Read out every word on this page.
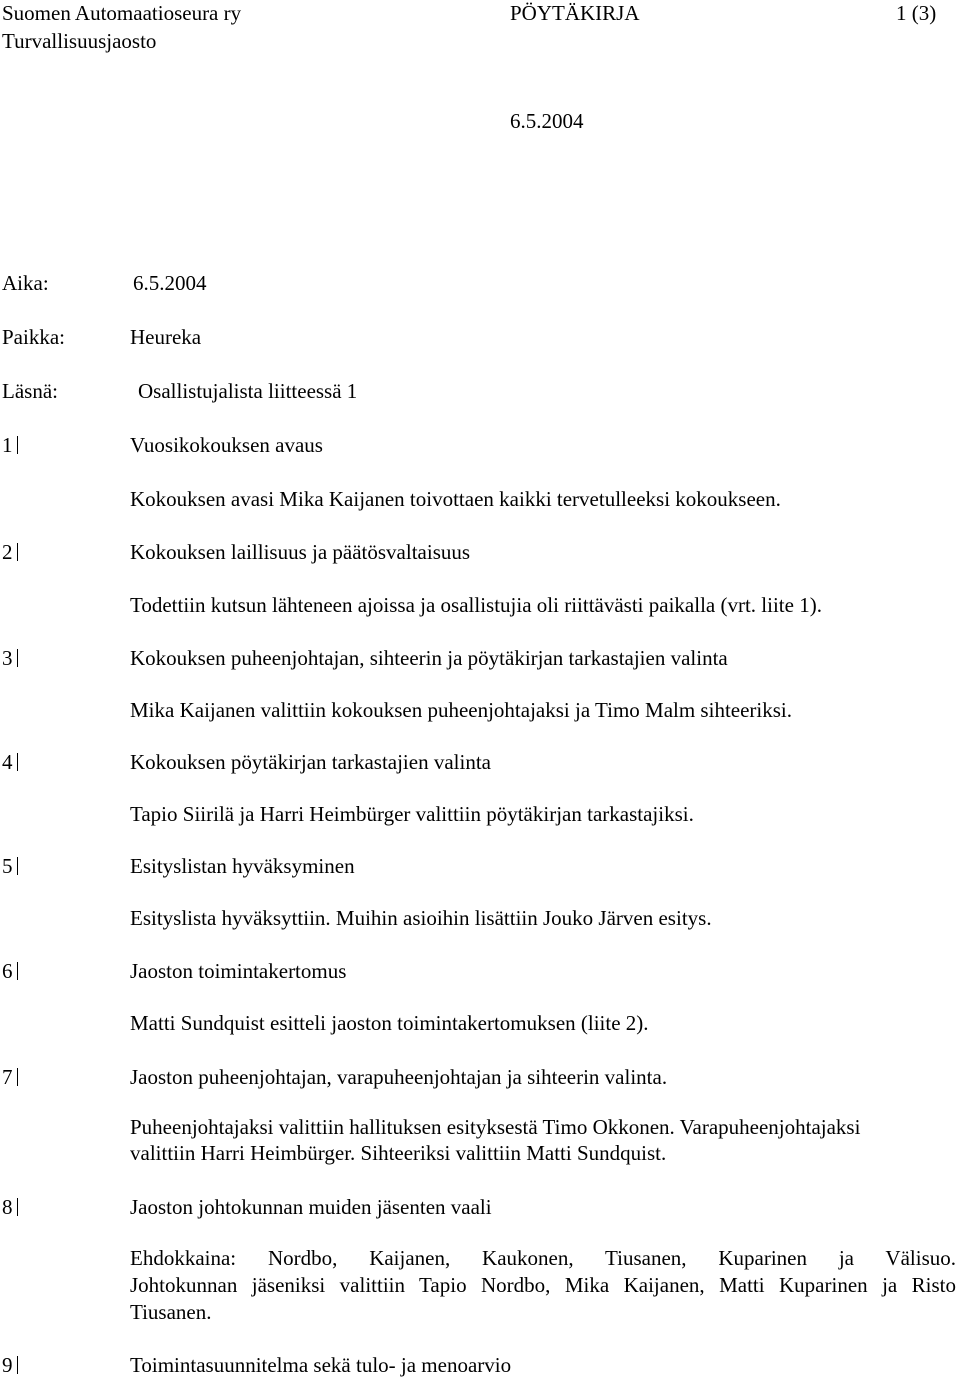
Suomen Automaatioseura ry
Turvallisuusjaosto
PÖYTÄKIRJA	1 (3)
6.5.2004
Aika:	6.5.2004
Paikka:	Heureka
Läsnä:	Osallistujalista liitteessä 1
1	Vuosikokouksen avaus
Kokouksen avasi Mika Kaijanen toivottaen kaikki tervetulleeksi kokoukseen.
2	Kokouksen laillisuus ja päätösvaltaisuus
Todettiin kutsun lähteneen ajoissa ja osallistujia oli riittävästi paikalla (vrt. liite 1).
3	Kokouksen puheenjohtajan, sihteerin ja pöytäkirjan tarkastajien valinta
Mika Kaijanen valittiin kokouksen puheenjohtajaksi ja Timo Malm sihteeriksi.
4	Kokouksen pöytäkirjan tarkastajien valinta
Tapio Siirilä ja Harri Heimbürger valittiin pöytäkirjan tarkastajiksi.
5	Esityslistan hyväksyminen
Esityslista hyväksyttiin. Muihin asioihin lisättiin Jouko Järven esitys.
6	Jaoston toimintakertomus
Matti Sundquist esitteli jaoston toimintakertomuksen (liite 2).
7	Jaoston puheenjohtajan, varapuheenjohtajan ja sihteerin valinta.
Puheenjohtajaksi valittiin hallituksen esityksestä Timo Okkonen. Varapuheenjohtajaksi
valittiin Harri Heimbürger. Sihteeriksi valittiin Matti Sundquist.
8	Jaoston johtokunnan muiden jäsenten vaali
Ehdokkaina: Nordbo, Kaijanen, Kaukonen, Tiusanen, Kuparinen ja Välisuo.
Johtokunnan jäseniksi valittiin Tapio Nordbo, Mika Kaijanen, Matti Kuparinen ja Risto
Tiusanen.
9	Toimintasuunnitelma sekä tulo- ja menoarvio
